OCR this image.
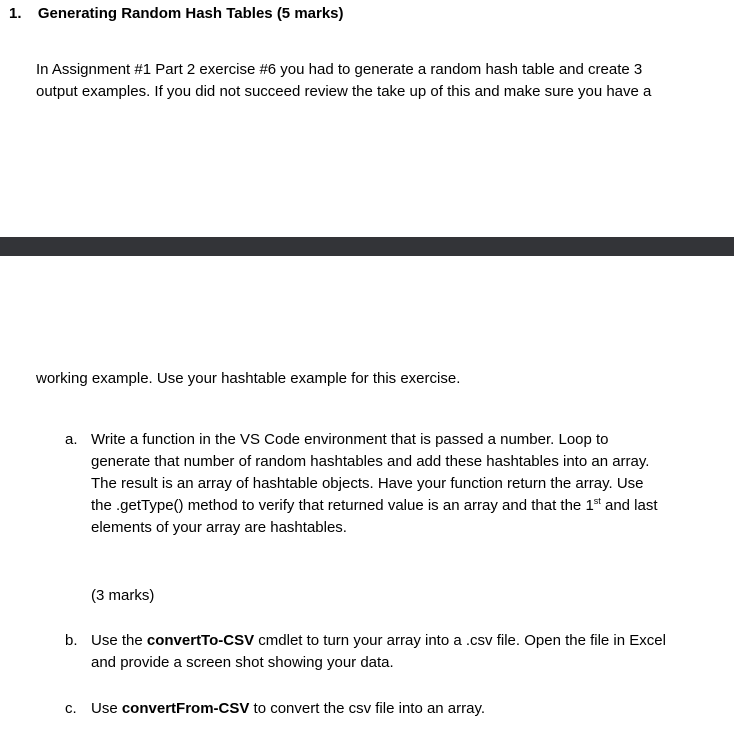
1. Generating Random Hash Tables (5 marks)
In Assignment #1 Part 2 exercise #6 you had to generate a random hash table and create 3
output examples. If you did not succeed review the take up of this and make sure you have a
working example. Use your hashtable example for this exercise.
a. Write a function in the VS Code environment that is passed a number. Loop to
generate that number of random hashtables and add these hashtables into an array.
The result is an array of hashtable objects. Have your function return the array. Use
the .getType() method to verify that returned value is an array and that the 1st and last
elements of your array are hashtables.
(3 marks)
b. Use the convertTo-CSV cmdlet to turn your array into a .csv file. Open the file in Excel
and provide a screen shot showing your data.
c. Use convertFrom-CSV to convert the csv file into an array.
